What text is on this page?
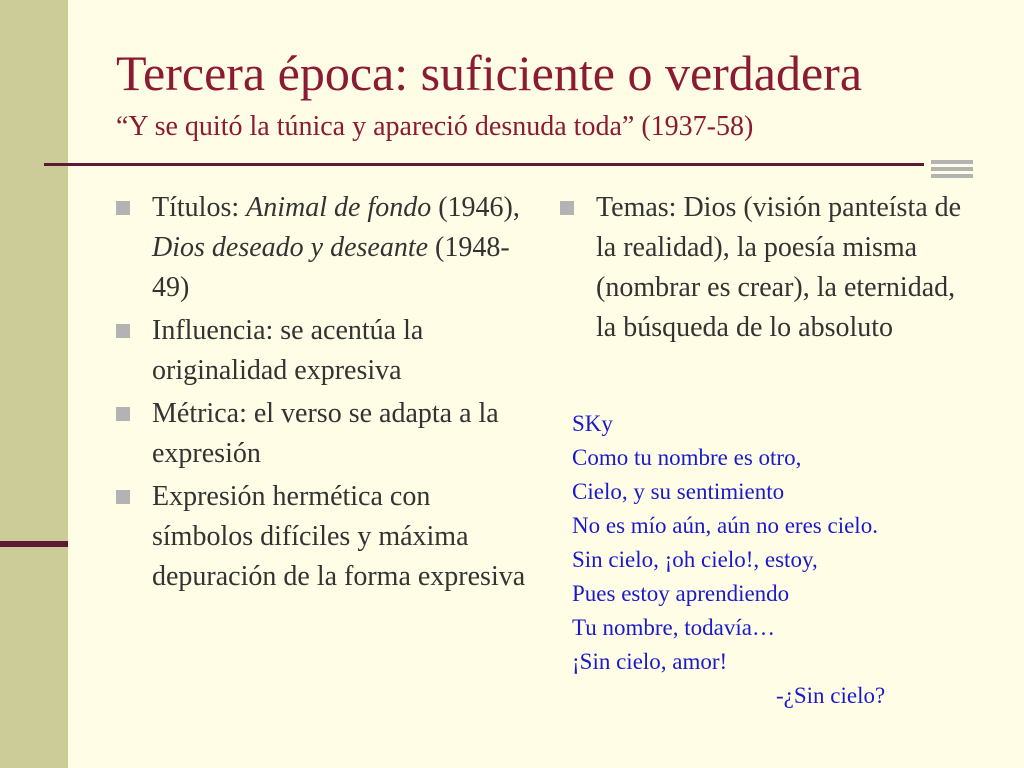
Tercera época: suficiente o verdadera
“Y se quitó la túnica y apareció desnuda toda” (1937-58)
Títulos: Animal de fondo (1946), Dios deseado y deseante (1948-49)
Influencia: se acentúa la originalidad expresiva
Métrica: el verso se adapta a la expresión
Expresión hermética con símbolos difíciles y máxima depuración de la forma expresiva
Temas: Dios (visión panteísta de la realidad), la poesía misma (nombrar es crear), la eternidad, la búsqueda de lo absoluto
SKy
Como tu nombre es otro,
Cielo, y su sentimiento
No es mío aún, aún no eres cielo.
Sin cielo, ¡oh cielo!, estoy,
Pues estoy aprendiendo
Tu nombre, todavía…
¡Sin cielo, amor!
-¿Sin cielo?
